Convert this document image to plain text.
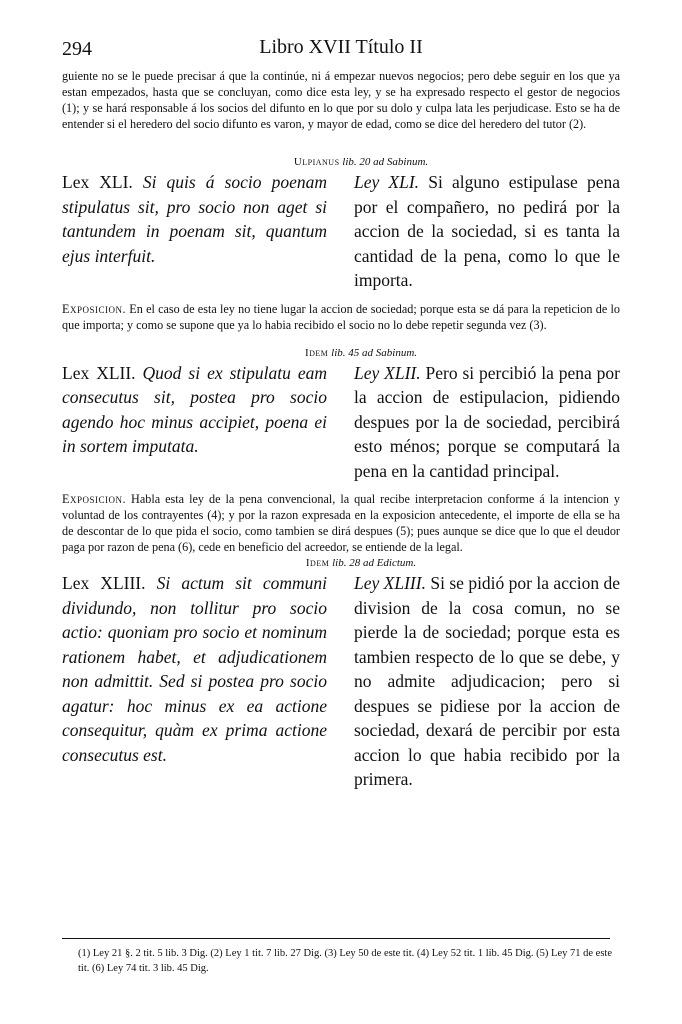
294	Libro XVII Título II

guiente no se le puede precisar á que la continúe, ni á empezar nuevos negocios; pero debe seguir en los que ya estan empezados, hasta que se concluyan, como dice esta ley, y se ha expresado respecto el gestor de negocios (1); y se hará responsable á los socios del difunto en lo que por su dolo y culpa lata les perjudicase. Esto se ha de entender si el heredero del socio difunto es varon, y mayor de edad, como se dice del heredero del tutor (2).

Ulpianus lib. 20 ad Sabinum.

Lex XLI. Si quis á socio poenam stipulatus sit, pro socio non aget si tantundem in poenam sit, quantum ejus interfuit.
Ley XLI. Si alguno estipulase pena por el compañero, no pedirá por la accion de la sociedad, si es tanta la cantidad de la pena, como lo que le importa.

Exposicion. En el caso de esta ley no tiene lugar la accion de sociedad; porque esta se dá para la repeticion de lo que importa; y como se supone que ya lo habia recibido el socio no lo debe repetir segunda vez (3).

Idem lib. 45 ad Sabinum.

Lex XLII. Quod si ex stipulatu eam consecutus sit, postea pro socio agendo hoc minus accipiet, poena ei in sortem imputata.
Ley XLII. Pero si percibió la pena por la accion de estipulacion, pidiendo despues por la de sociedad, percibirá esto ménos; porque se computará la pena en la cantidad principal.

Exposicion. Habla esta ley de la pena convencional, la qual recibe interpretacion conforme á la intencion y voluntad de los contrayentes (4); y por la razon expresada en la exposicion antecedente, el importe de ella se ha de descontar de lo que pida el socio, como tambien se dirá despues (5); pues aunque se dice que lo que el deudor paga por razon de pena (6), cede en beneficio del acreedor, se entiende de la legal.

Idem lib. 28 ad Edictum.

Lex XLIII. Si actum sit communi dividundo, non tollitur pro socio actio: quoniam pro socio et nominum rationem habet, et adjudicationem non admittit. Sed si postea pro socio agatur: hoc minus ex ea actione consequitur, quàm ex prima actione consecutus est.
Ley XLIII. Si se pidió por la accion de division de la cosa comun, no se pierde la de sociedad; porque esta es tambien respecto de lo que se debe, y no admite adjudicacion; pero si despues se pidiese por la accion de sociedad, dexará de percibir por esta accion lo que habia recibido por la primera.
(1) Ley 21 §. 2 tit. 5 lib. 3 Dig. (2) Ley 1 tit. 7 lib. 27 Dig. (3) Ley 50 de este tit. (4) Ley 52 tit. 1 lib. 45 Dig. (5) Ley 71 de este tit. (6) Ley 74 tit. 3 lib. 45 Dig.
